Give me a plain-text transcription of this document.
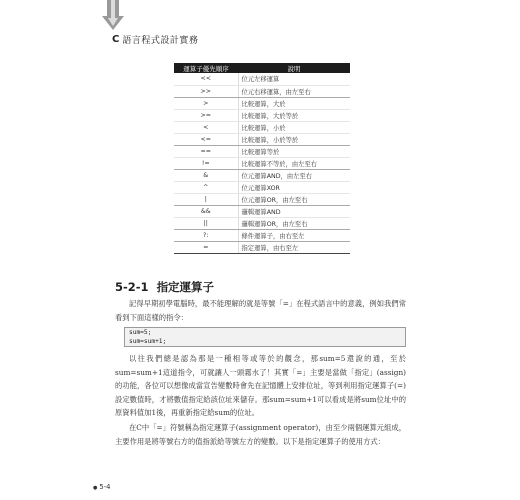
C 語言程式設計實務
運算子優先順序	說明
<<	位元左移運算
>>	位元右移運算，由左至右
>	比較運算，大於
>=	比較運算，大於等於
<	比較運算，小於
<=	比較運算，小於等於
==	比較運算等於
!=	比較運算不等於，由左至右
&	位元運算AND，由左至右
^	位元運算XOR
|	位元運算OR，由左至右
&&	邏輯運算AND
||	邏輯運算OR，由左至右
?:	條件運算子，由右至左
=	指定運算，由右至左
5-2-1 指定運算子

記得早期初學電腦時，最不能理解的就是等號「=」在程式語言中的意義，例如我們常看到下面這樣的指令：

sum=5;
sum=sum+1;

以往我們總是認為那是一種相等或等於的觀念，那sum=5還說的通，至於sum=sum+1這道指令，可就讓人一頭霧水了！其實「=」主要是當做「指定」(assign)的功能，各位可以想像成當宣告變數時會先在記憶體上安排位址，等到利用指定運算子(=)設定數值時，才將數值指定給該位址來儲存。那sum=sum+1可以看成是將sum位址中的原資料值加1後，再重新指定給sum的位址。

在C中「=」符號稱為指定運算子(assignment operator)，由至少兩個運算元組成，主要作用是將等號右方的值指派給等號左方的變數。以下是指定運算子的使用方式：

● 5-4
